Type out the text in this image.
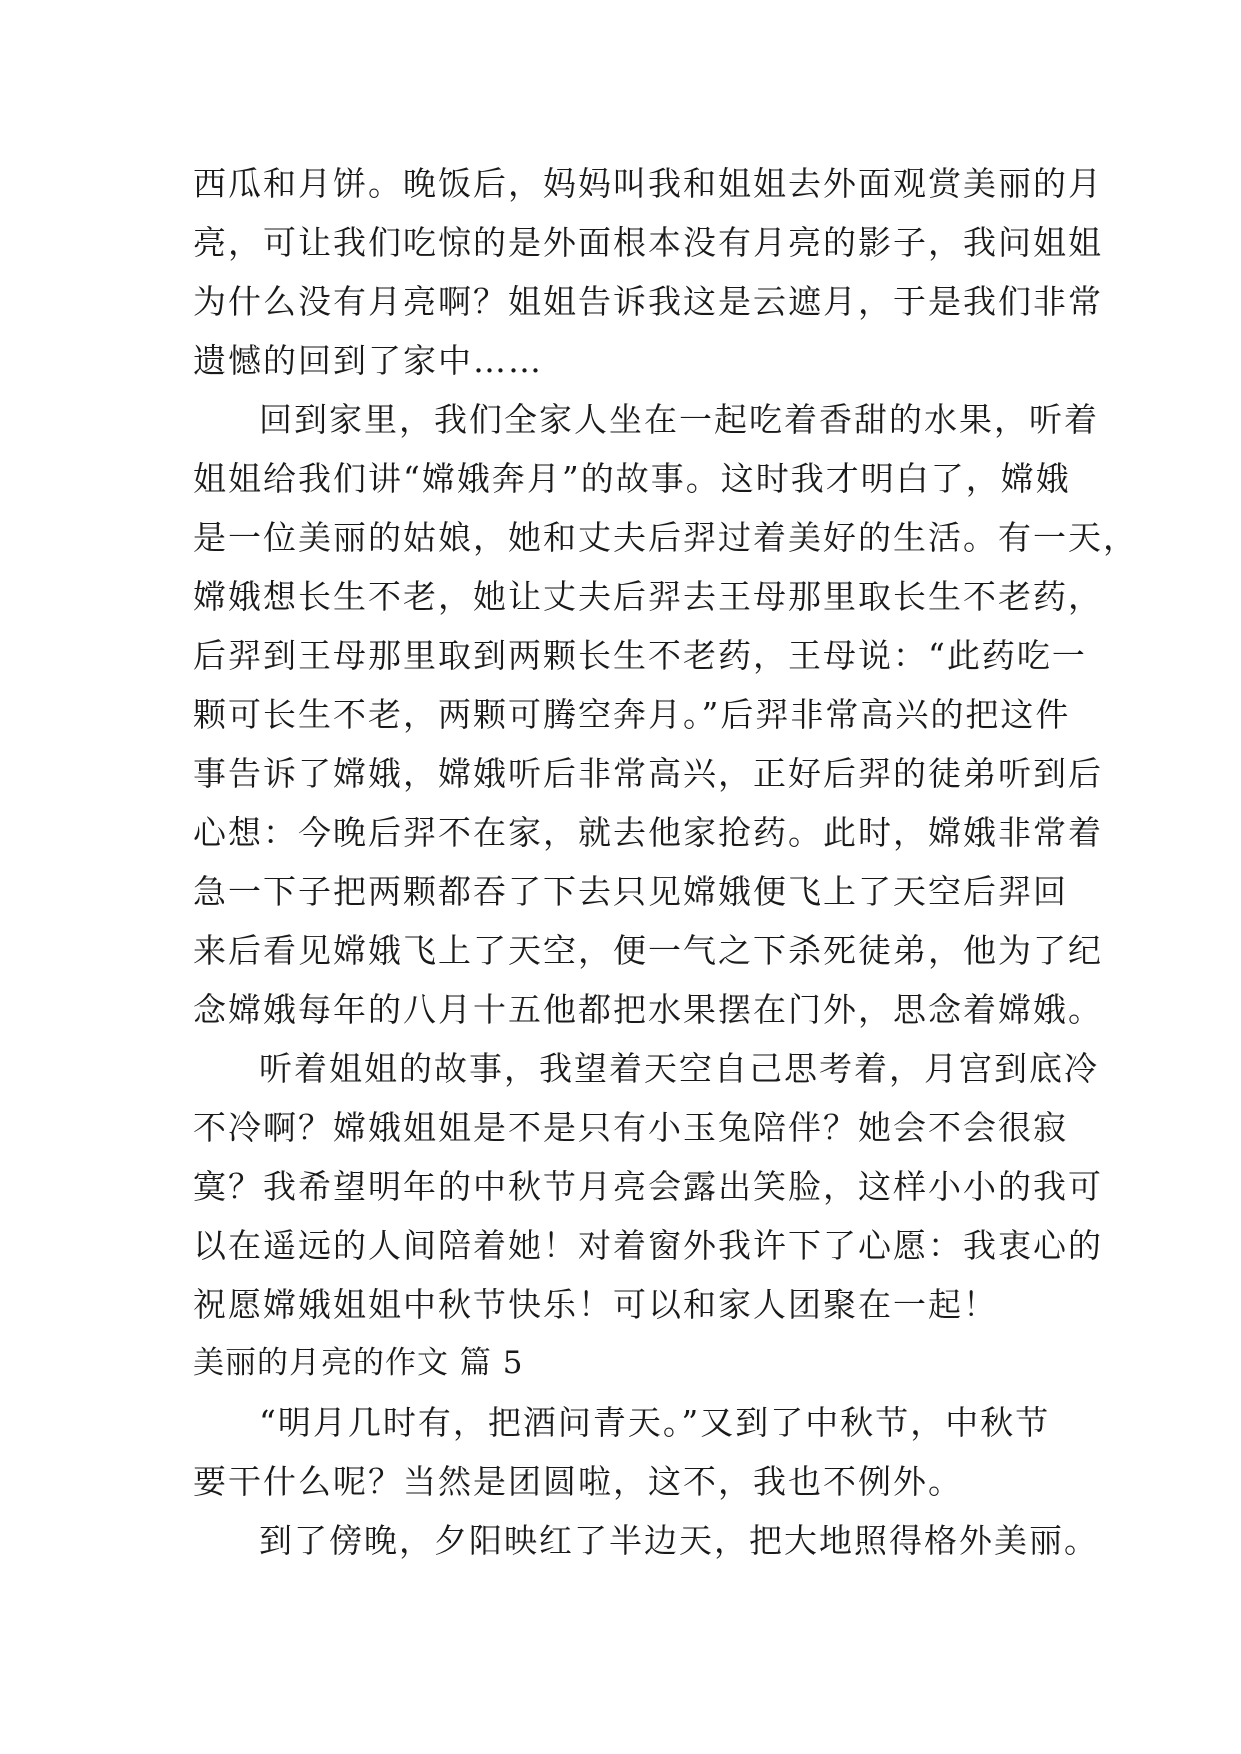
西瓜和月饼。晚饭后，妈妈叫我和姐姐去外面观赏美丽的月
亮，可让我们吃惊的是外面根本没有月亮的影子，我问姐姐
为什么没有月亮啊？姐姐告诉我这是云遮月，于是我们非常
遗憾的回到了家中……
回到家里，我们全家人坐在一起吃着香甜的水果，听着
姐姐给我们讲“嫦娥奔月”的故事。这时我才明白了，嫦娥
是一位美丽的姑娘，她和丈夫后羿过着美好的生活。有一天，
嫦娥想长生不老，她让丈夫后羿去王母那里取长生不老药，
后羿到王母那里取到两颗长生不老药，王母说：“此药吃一
颗可长生不老，两颗可腾空奔月。”后羿非常高兴的把这件
事告诉了嫦娥，嫦娥听后非常高兴，正好后羿的徒弟听到后
心想：今晚后羿不在家，就去他家抢药。此时，嫦娥非常着
急一下子把两颗都吞了下去只见嫦娥便飞上了天空后羿回
来后看见嫦娥飞上了天空，便一气之下杀死徒弟，他为了纪
念嫦娥每年的八月十五他都把水果摆在门外，思念着嫦娥。
听着姐姐的故事，我望着天空自己思考着，月宫到底冷
不冷啊？嫦娥姐姐是不是只有小玉兔陪伴？她会不会很寂
寞？我希望明年的中秋节月亮会露出笑脸，这样小小的我可
以在遥远的人间陪着她！对着窗外我许下了心愿：我衷心的
祝愿嫦娥姐姐中秋节快乐！可以和家人团聚在一起！
美丽的月亮的作文 篇 5
“明月几时有，把酒问青天。”又到了中秋节，中秋节
要干什么呢？当然是团圆啦，这不，我也不例外。
到了傍晚，夕阳映红了半边天，把大地照得格外美丽。
